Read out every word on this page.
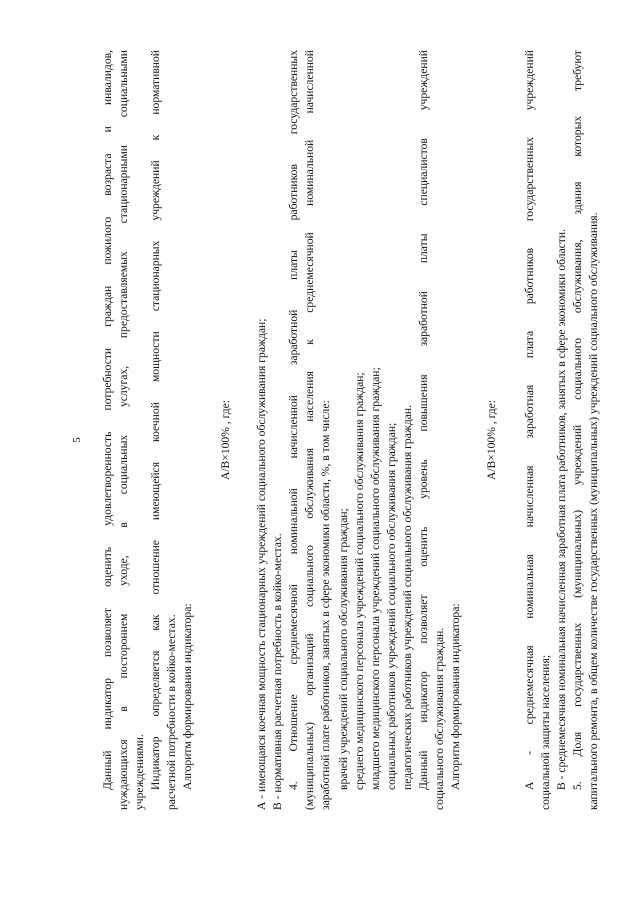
5 Данный индикатор позволяет оценить удовлетворенность потребности граждан пожилого возраста и инвалидов, нуждающихся в постороннем уходе, в социальных услугах, предоставляемых стационарными социальными учреждениями. Индикатор определяется как отношение имеющейся коечной мощности стационарных учреждений к нормативной расчетной потребности в койко-местах. Алгоритм формирования индикатора:
A/B×100% , где: А - имеющаяся коечная мощность стационарных учреждений социального обслуживания граждан; В - нормативная расчетная потребность в койко-местах. 4. Отношение среднемесячной номинальной начисленной заработной платы работников государственных (муниципальных) организаций социального обслуживания населения к среднемесячной номинальной начисленной заработной плате работников, занятых в сфере экономики области, %, в том числе: врачей учреждений социального обслуживания граждан; среднего медицинского персонала учреждений социального обслуживания граждан; младшего медицинского персонала учреждений социального обслуживания граждан; социальных работников учреждений социального обслуживания граждан; педагогических работников учреждений социального обслуживания граждан. Данный индикатор позволяет оценить уровень повышения заработной платы специалистов учреждений социального обслуживания граждан. Алгоритм формирования индикатора:
A/B×100% , где: А - среднемесячная номинальная начисленная заработная плата работников государственных учреждений социальной защиты населения; В - среднемесячная номинальная начисленная заработная плата работников, занятых в сфере экономики области. 5. Доля государственных (муниципальных) учреждений социального обслуживания, здания которых требуют капитального ремонта, в общем количестве государственных (муниципальных) учреждений социального обслуживания.
